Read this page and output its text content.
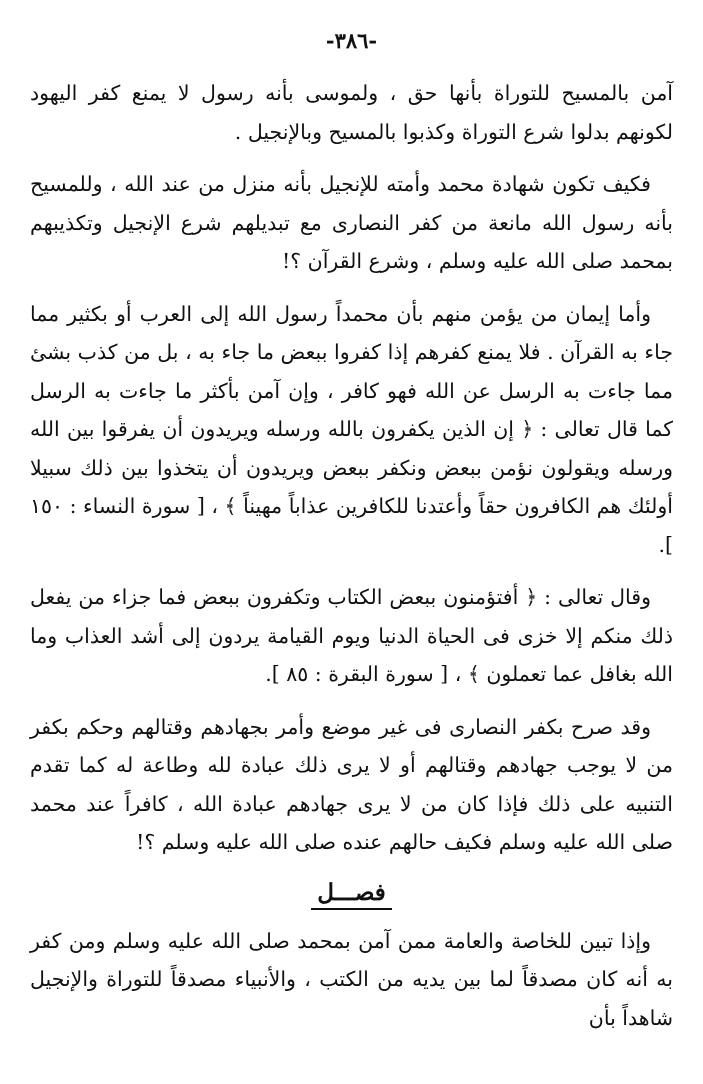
-٣٨٦-

آمن بالمسيح للتوراة بأنها حق ، ولموسى بأنه رسول لا يمنع كفر اليهود لكونهم بدلوا شرع التوراة وكذبوا بالمسيح وبالإنجيل .

فكيف تكون شهادة محمد وأمته للإنجيل بأنه منزل من عند الله ، وللمسيح بأنه رسول الله مانعة من كفر النصارى مع تبديلهم شرع الإنجيل وتكذيبهم بمحمد صلى الله عليه وسلم ، وشرع القرآن ؟!

وأما إيمان من يؤمن منهم بأن محمداً رسول الله إلى العرب أو بكثير مما جاء به القرآن . فلا يمنع كفرهم إذا كفروا ببعض ما جاء به ، بل من كذب بشئ مما جاءت به الرسل عن الله فهو كافر ، وإن آمن بأكثر ما جاءت به الرسل كما قال تعالى : ﴿ إن الذين يكفرون بالله ورسله ويريدون أن يفرقوا بين الله ورسله ويقولون نؤمن ببعض ونكفر ببعض ويريدون أن يتخذوا بين ذلك سبيلا أولئك هم الكافرون حقاً وأعتدنا للكافرين عذاباً مهيناً ﴾ ، [ سورة النساء : ١٥٠ ].

وقال تعالى : ﴿ أفتؤمنون ببعض الكتاب وتكفرون ببعض فما جزاء من يفعل ذلك منكم إلا خزى فى الحياة الدنيا ويوم القيامة يردون إلى أشد العذاب وما الله بغافل عما تعملون ﴾ ، [ سورة البقرة : ٨٥ ].

وقد صرح بكفر النصارى فى غير موضع وأمر بجهادهم وقتالهم وحكم بكفر من لا يوجب جهادهم وقتالهم أو لا يرى ذلك عبادة لله وطاعة له كما تقدم التنبيه على ذلك فإذا كان من لا يرى جهادهم عبادة الله ، كافراً عند محمد صلى الله عليه وسلم فكيف حالهم عنده صلى الله عليه وسلم ؟!

فصـــل

وإذا تبين للخاصة والعامة ممن آمن بمحمد صلى الله عليه وسلم ومن كفر به أنه كان مصدقاً لما بين يديه من الكتب ، والأنبياء مصدقاً للتوراة والإنجيل شاهداً بأن
